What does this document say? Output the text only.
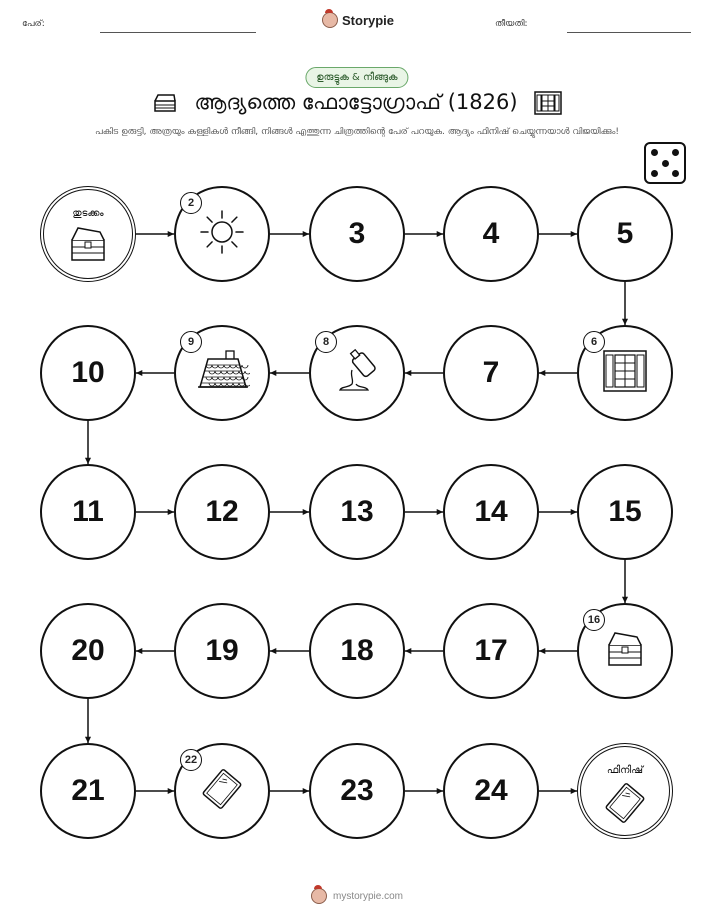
പേര്:	Storypie	തീയതി:
ഉരുട്ടുക & നീങ്ങുക
ആദ്യത്തെ ഫോട്ടോഗ്രാഫ് (1826)
പകിട ഉരുട്ടി, അത്രയും കള്ളികൾ നീങ്ങി, നിങ്ങൾ എത്തുന്ന ചിത്രത്തിന്റെ പേര് പറയുക. ആദ്യം ഫിനിഷ് ചെയ്യുന്നയാൾ വിജയിക്കും!
തുടക്കം
2
3	4	5
6
7
8
9
10
11	12	13	14	15
16
17
18
19
20
21
22
23	24
ഫിനിഷ്
mystorypie.com
